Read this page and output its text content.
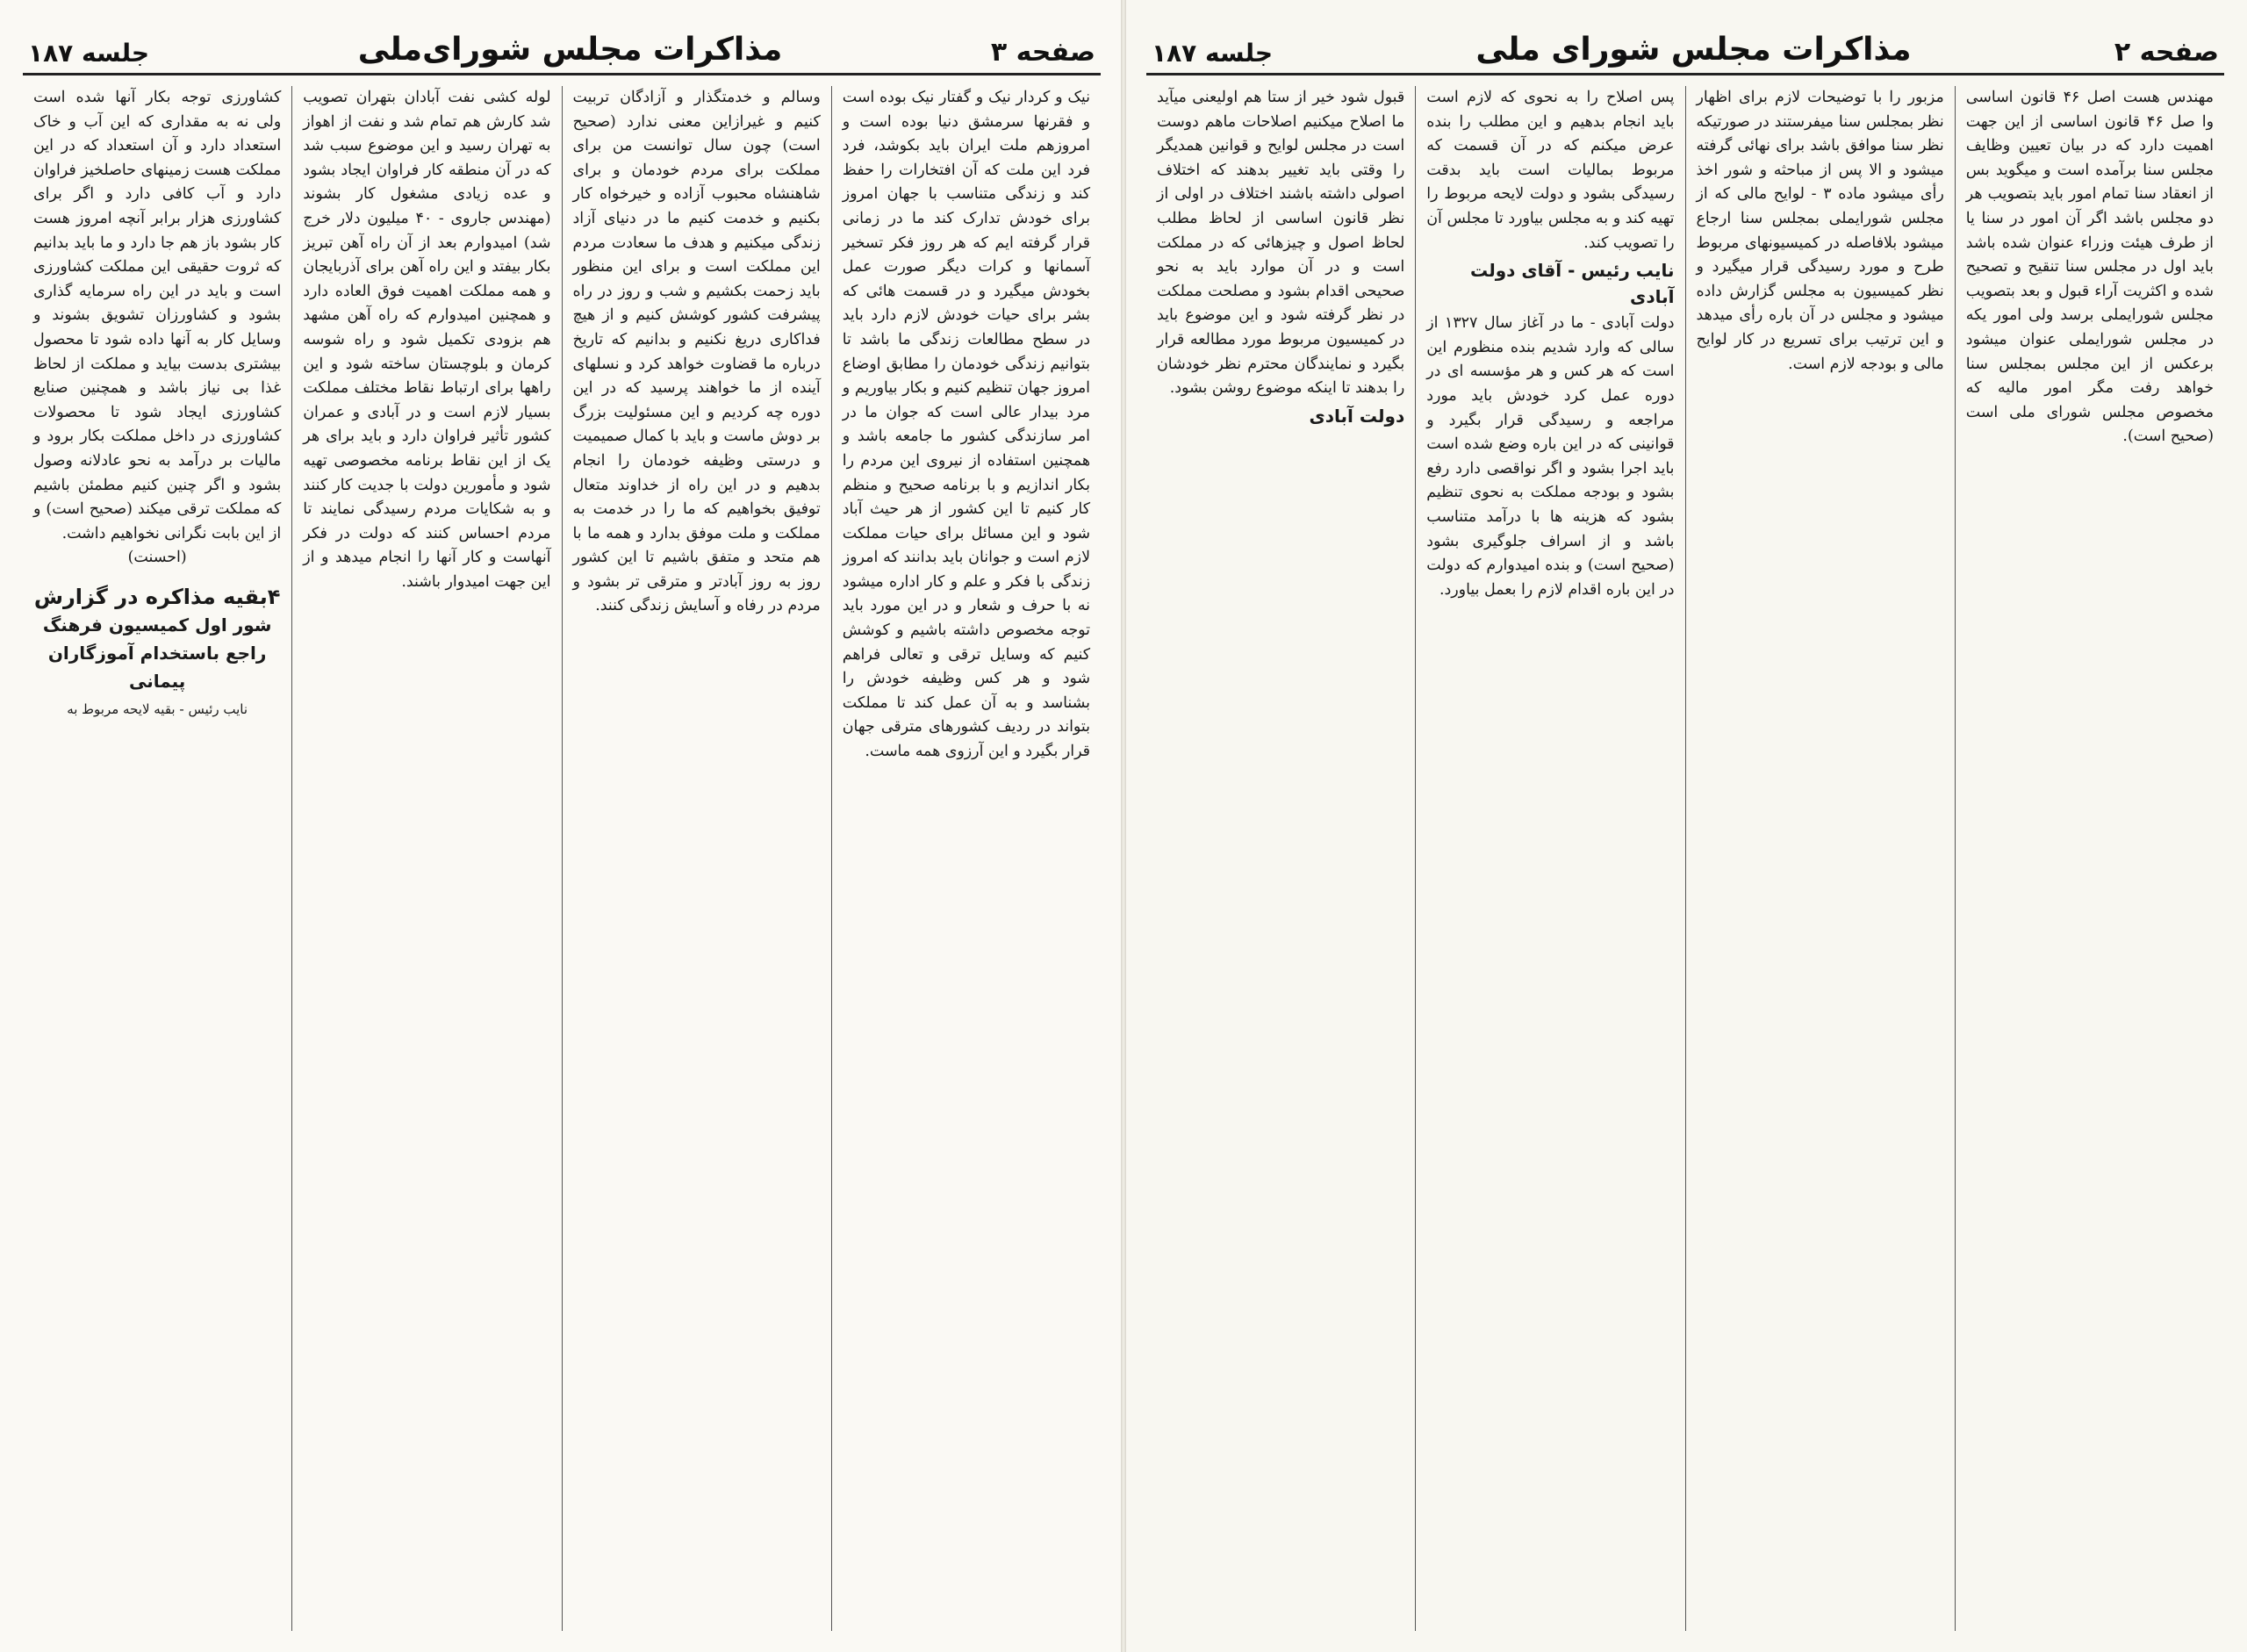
صفحه ۲
مذاکرات مجلس شورای ملی
جلسه ۱۸۷

مهندس هست اصل ۴۶ قانون اساسی وا صل ۴۶ قانون اساسی از این جهت اهمیت دارد که در بیان تعیین وظایف مجلس سنا برآمده است و میگوید بس از انعقاد سنا تمام امور باید بتصویب هر دو مجلس باشد اگر آن امور در سنا یا از طرف هیئت وزراء عنوان شده باشد باید اول در مجلس سنا تنقیح و تصحیح شده و اکثریت آراء قبول و بعد بتصویب مجلس شورایملی برسد ولی امور یکه در مجلس شورایملی عنوان میشود برعکس از این مجلس بمجلس سنا خواهد رفت مگر امور مالیه که مخصوص مجلس شورای ملی است (صحیح است).

مزبور را با توضیحات لازم برای اظهار نظر بمجلس سنا میفرستند در صورتیکه نظر سنا موافق باشد برای نهائی گرفته میشود و الا پس از مباحثه و شور اخذ رأی میشود ماده ۳ - لوایح مالی که از مجلس شورایملی بمجلس سنا ارجاع میشود بلافاصله در کمیسیونهای مربوط طرح و مورد رسیدگی قرار میگیرد و نظر کمیسیون به مجلس گزارش داده میشود و مجلس در آن باره رأی میدهد و این ترتیب برای تسریع در کار لوایح مالی و بودجه لازم است.

پس اصلاح را به نحوی که لازم است باید انجام بدهیم و این مطلب را بنده عرض میکنم که در آن قسمت که مربوط بمالیات است باید بدقت رسیدگی بشود و دولت لایحه مربوط را تهیه کند و به مجلس بیاورد تا مجلس آن را تصویب کند.

نایب رئیس - آقای دولت آبادی

دولت آبادی - ما در آغاز سال ۱۳۲۷ از سالی که وارد شدیم بنده منظورم این است که هر کس و هر مؤسسه ای در دوره عمل کرد خودش باید مورد مراجعه و رسیدگی قرار بگیرد و قوانینی که در این باره وضع شده است باید اجرا بشود و اگر نواقصی دارد رفع بشود و بودجه مملکت به نحوی تنظیم بشود که هزینه ها با درآمد متناسب باشد و از اسراف جلوگیری بشود (صحیح است) و بنده امیدوارم که دولت در این باره اقدام لازم را بعمل بیاورد.

قبول شود خیر از ستا هم اولیعنی میآید ما اصلاح میکنیم اصلاحات ماهم دوست است در مجلس لوایح و قوانین همدیگر را وقتی باید تغییر بدهند که اختلاف اصولی داشته باشند اختلاف در اولی از نظر قانون اساسی از لحاظ مطلب لحاظ اصول و چیزهائی که در مملکت است و در آن موارد باید به نحو صحیحی اقدام بشود و مصلحت مملکت در نظر گرفته شود و این موضوع باید در کمیسیون مربوط مورد مطالعه قرار بگیرد و نمایندگان محترم نظر خودشان را بدهند تا اینکه موضوع روشن بشود.

دولت آبادی
صفحه ۳
مذاکرات مجلس شورای‌ملی
جلسه ۱۸۷

نیک و کردار نیک و گفتار نیک بوده است و فقرنها سرمشق دنیا بوده است و امروزهم ملت ایران باید بکوشد، فرد فرد این ملت که آن افتخارات را حفظ کند و زندگی متناسب با جهان امروز برای خودش تدارک کند ما در زمانی قرار گرفته ایم که هر روز فکر تسخیر آسمانها و کرات دیگر صورت عمل بخودش میگیرد و در قسمت هائی که بشر برای حیات خودش لازم دارد باید در سطح مطالعات زندگی ما باشد تا بتوانیم زندگی خودمان را مطابق اوضاع امروز جهان تنظیم کنیم و بکار بیاوریم و مرد بیدار عالی است که جوان ما در امر سازندگی کشور ما جامعه باشد و همچنین استفاده از نیروی این مردم را بکار اندازیم و با برنامه صحیح و منظم کار کنیم تا این کشور از هر حیث آباد شود و این مسائل برای حیات مملکت لازم است و جوانان باید بدانند که امروز زندگی با فکر و علم و کار اداره میشود نه با حرف و شعار و در این مورد باید توجه مخصوص داشته باشیم و کوشش کنیم که وسایل ترقی و تعالی فراهم شود و هر کس وظیفه خودش را بشناسد و به آن عمل کند تا مملکت بتواند در ردیف کشورهای مترقی جهان قرار بگیرد و این آرزوی همه ماست.

وسالم و خدمتگذار و آزادگان تربیت کنیم و غیرازاین معنی ندارد (صحیح است) چون سال توانست من برای مملکت برای مردم خودمان و برای شاهنشاه محبوب آزاده و خیرخواه کار بکنیم و خدمت کنیم ما در دنیای آزاد زندگی میکنیم و هدف ما سعادت مردم این مملکت است و برای این منظور باید زحمت بکشیم و شب و روز در راه پیشرفت کشور کوشش کنیم و از هیچ فداکاری دریغ نکنیم و بدانیم که تاریخ درباره ما قضاوت خواهد کرد و نسلهای آینده از ما خواهند پرسید که در این دوره چه کردیم و این مسئولیت بزرگ بر دوش ماست و باید با کمال صمیمیت و درستی وظیفه خودمان را انجام بدهیم و در این راه از خداوند متعال توفیق بخواهیم که ما را در خدمت به مملکت و ملت موفق بدارد و همه ما با هم متحد و متفق باشیم تا این کشور روز به روز آبادتر و مترقی تر بشود و مردم در رفاه و آسایش زندگی کنند.

لوله کشی نفت آبادان بتهران تصویب شد کارش هم تمام شد و نفت از اهواز به تهران رسید و این موضوع سبب شد که در آن منطقه کار فراوان ایجاد بشود و عده زیادی مشغول کار بشوند (مهندس جاروی - ۴۰ میلیون دلار خرج شد) امیدوارم بعد از آن راه آهن تبریز بکار بیفتد و این راه آهن برای آذربایجان و همه مملکت اهمیت فوق العاده دارد و همچنین امیدوارم که راه آهن مشهد هم بزودی تکمیل شود و راه شوسه کرمان و بلوچستان ساخته شود و این راهها برای ارتباط نقاط مختلف مملکت بسیار لازم است و در آبادی و عمران کشور تأثیر فراوان دارد و باید برای هر یک از این نقاط برنامه مخصوصی تهیه شود و مأمورین دولت با جدیت کار کنند و به شکایات مردم رسیدگی نمایند تا مردم احساس کنند که دولت در فکر آنهاست و کار آنها را انجام میدهد و از این جهت امیدوار باشند.

کشاورزی توجه بکار آنها شده است ولی نه به مقداری که این آب و خاک استعداد دارد و آن استعداد که در این مملکت هست زمینهای حاصلخیز فراوان دارد و آب کافی دارد و اگر برای کشاورزی هزار برابر آنچه امروز هست کار بشود باز هم جا دارد و ما باید بدانیم که ثروت حقیقی این مملکت کشاورزی است و باید در این راه سرمایه گذاری بشود و کشاورزان تشویق بشوند و وسایل کار به آنها داده شود تا محصول بیشتری بدست بیاید و مملکت از لحاظ غذا بی نیاز باشد و همچنین صنایع کشاورزی ایجاد شود تا محصولات کشاورزی در داخل مملکت بکار برود و مالیات بر درآمد به نحو عادلانه وصول بشود و اگر چنین کنیم مطمئن باشیم که مملکت ترقی میکند (صحیح است) و از این بابت نگرانی نخواهیم داشت.

(احسنت)

۴بقیه مذاکره در گزارش
شور اول کمیسیون فرهنگ
راجع باستخدام آموزگاران پیمانی
نایب رئیس - بقیه لایحه مربوط به
